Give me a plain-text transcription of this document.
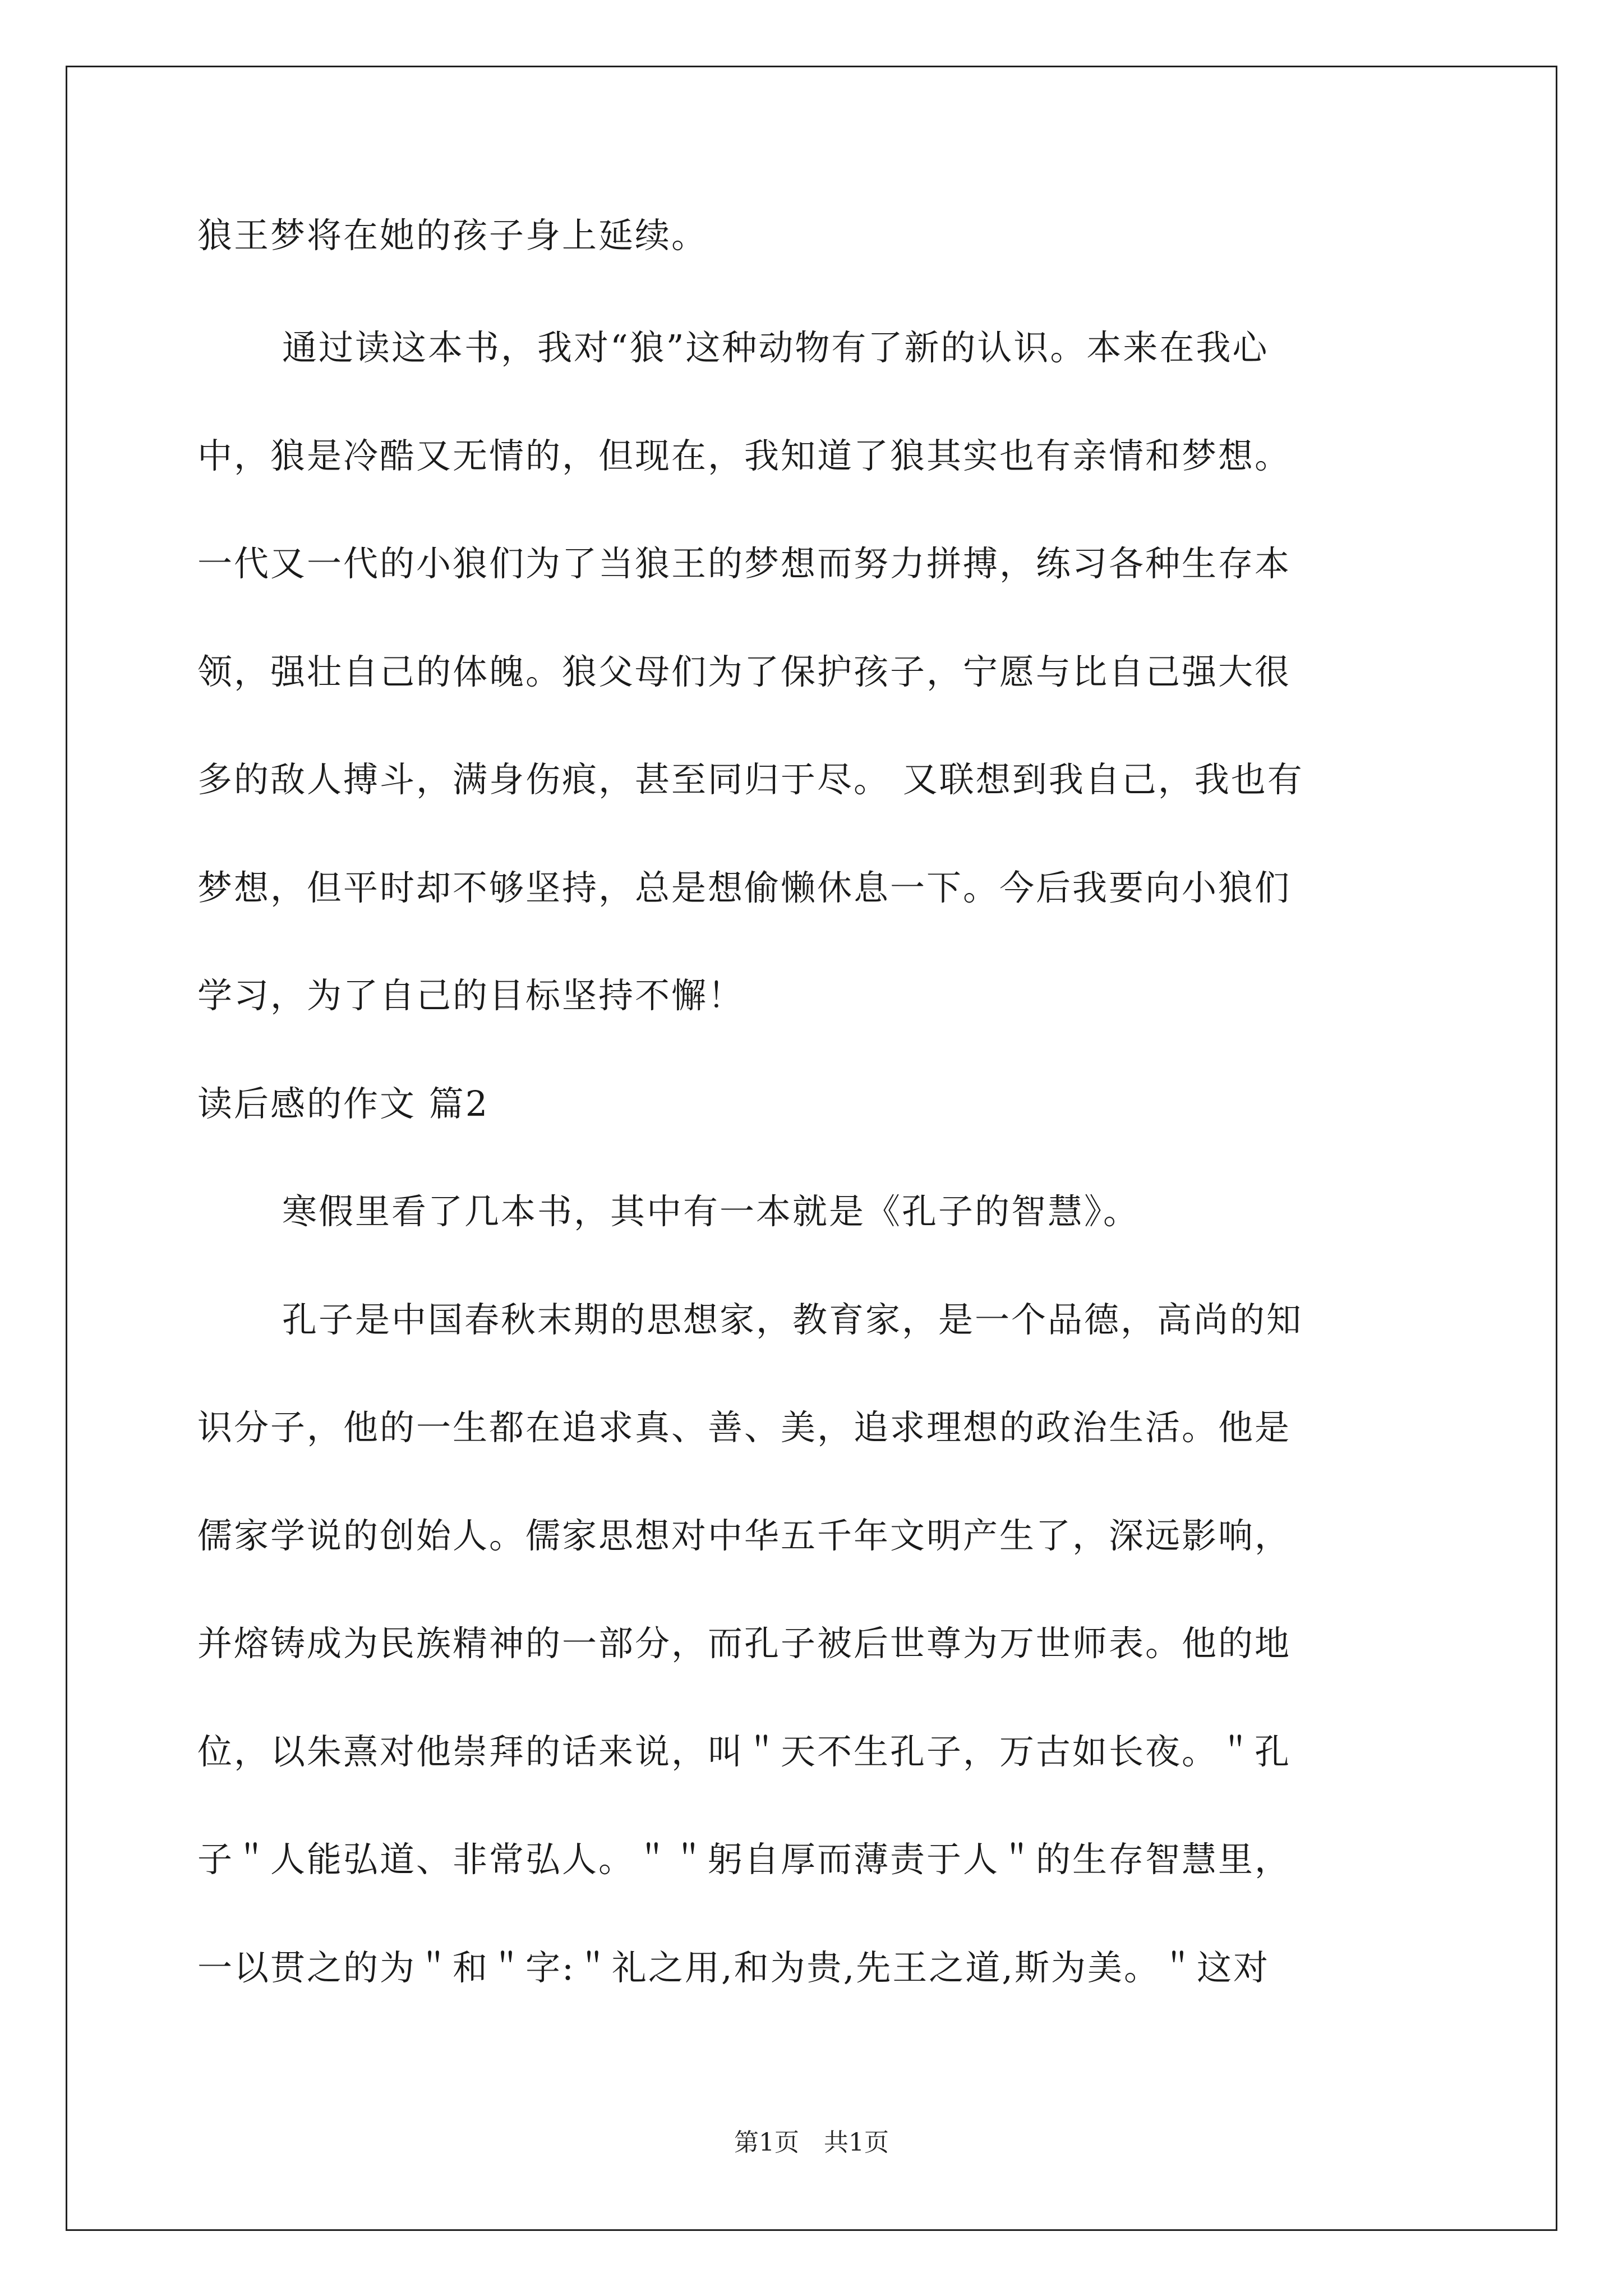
狼王梦将在她的孩子身上延续。
通过读这本书，我对“狼”这种动物有了新的认识。本来在我心
中，狼是冷酷又无情的，但现在，我知道了狼其实也有亲情和梦想。
一代又一代的小狼们为了当狼王的梦想而努力拼搏，练习各种生存本
领，强壮自己的体魄。狼父母们为了保护孩子，宁愿与比自己强大很
多的敌人搏斗，满身伤痕，甚至同归于尽。 又联想到我自己，我也有
梦想，但平时却不够坚持，总是想偷懒休息一下。今后我要向小狼们
学习，为了自己的目标坚持不懈！
读后感的作文 篇2
寒假里看了几本书，其中有一本就是《孔子的智慧》。
孔子是中国春秋末期的思想家，教育家，是一个品德，高尚的知
识分子，他的一生都在追求真、善、美，追求理想的政治生活。他是
儒家学说的创始人。儒家思想对中华五千年文明产生了，深远影响，
并熔铸成为民族精神的一部分，而孔子被后世尊为万世师表。他的地
位，以朱熹对他崇拜的话来说，叫＂天不生孔子，万古如长夜。＂孔
子＂人能弘道、非常弘人。＂＂躬自厚而薄责于人＂的生存智慧里，
一以贯之的为＂和＂字:＂礼之用,和为贵,先王之道,斯为美。＂这对
第1页　共1页
